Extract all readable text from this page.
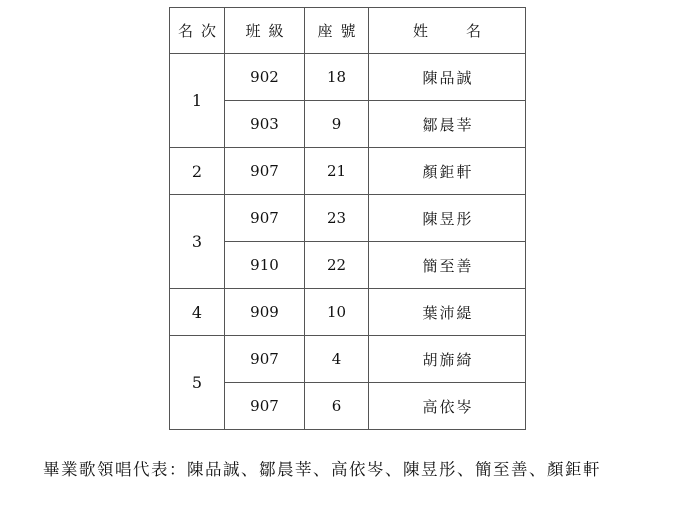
名次	班級	座號	姓名
1	902	18	陳品誠
	903	9	鄒晨莘
2	907	21	顏鉅軒
3	907	23	陳昱彤
	910	22	簡至善
4	909	10	葉沛緹
5	907	4	胡旆綺
	907	6	高依岑
畢業歌領唱代表：陳品誠、鄒晨莘、高依岑、陳昱彤、簡至善、顏鉅軒
